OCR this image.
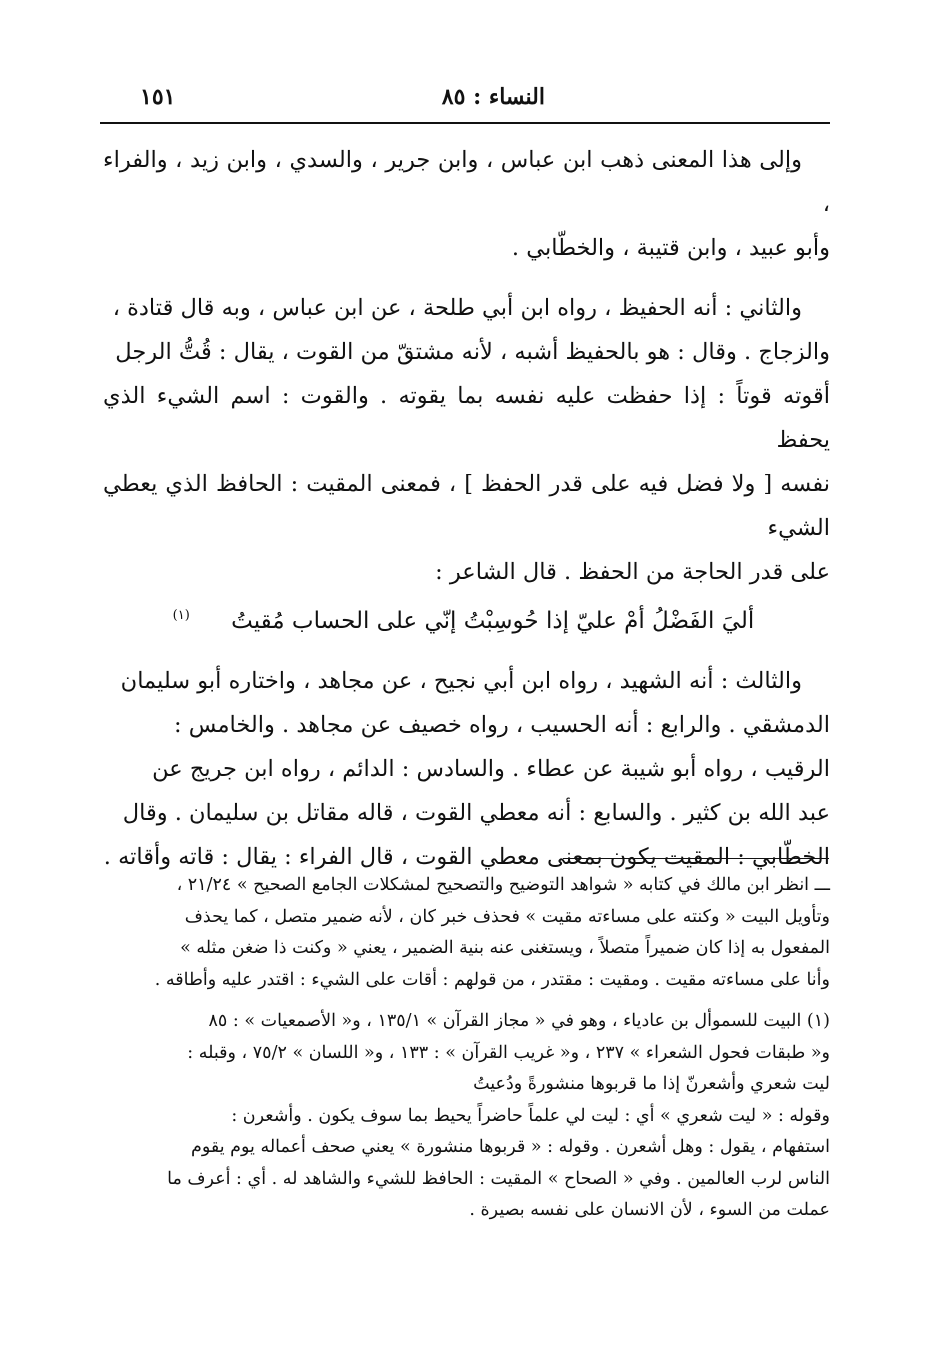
النساء : ٨٥
١٥١

وإلى هذا المعنى ذهب ابن عباس ، وابن جرير ، والسدي ، وابن زيد ، والفراء ،

وأبو عبيد ، وابن قتيبة ، والخطّابي .

والثاني : أنه الحفيظ ، رواه ابن أبي طلحة ، عن ابن عباس ، وبه قال قتادة ،

والزجاج . وقال : هو بالحفيظ أشبه ، لأنه مشتقّ من القوت ، يقال : قُتُّ الرجل

أقوته قوتاً : إذا حفظت عليه نفسه بما يقوته . والقوت : اسم الشيء الذي يحفظ

نفسه [ ولا فضل فيه على قدر الحفظ ] ، فمعنى المقيت : الحافظ الذي يعطي الشيء

على قدر الحاجة من الحفظ . قال الشاعر :

أليَ الفَضْلُ أمْ عليّ إذا حُوسِبْتُ إنّي على الحساب مُقيتُ $^{(١)}$

والثالث : أنه الشهيد ، رواه ابن أبي نجيح ، عن مجاهد ، واختاره أبو سليمان

الدمشقي . والرابع : أنه الحسيب ، رواه خصيف عن مجاهد . والخامس :

الرقيب ، رواه أبو شيبة عن عطاء . والسادس : الدائم ، رواه ابن جريج عن

عبد الله بن كثير . والسابع : أنه معطي القوت ، قاله مقاتل بن سليمان . وقال

الخطّابي : المقيت يكون بمعنى معطي القوت ، قال الفراء : يقال : قاته وأقاته .

ـــ انظر ابن مالك في كتابه « شواهد التوضيح والتصحيح لمشكلات الجامع الصحيح » ٢١/٢٤ ،

وتأويل البيت « وكنته على مساءته مقيت » فحذف خبر كان ، لأنه ضمير متصل ، كما يحذف

المفعول به إذا كان ضميراً متصلاً ، ويستغنى عنه بنية الضمير ، يعني « وكنت ذا ضغن مثله »

وأنا على مساءته مقيت . ومقيت : مقتدر ، من قولهم : أقات على الشيء : اقتدر عليه وأطاقه .

(١) البيت للسموأل بن عادياء ، وهو في « مجاز القرآن » ١٣٥/١ ، و« الأصمعيات » : ٨٥

و« طبقات فحول الشعراء » ٢٣٧ ، و« غريب القرآن » : ١٣٣ ، و« اللسان » ٧٥/٢ ، وقبله :

ليت شعري وأشعرنّ إذا ما قربوها منشورةً ودُعيتُ

وقوله : « ليت شعري » أي : ليت لي علماً حاضراً يحيط بما سوف يكون . وأشعرن :

استفهام ، يقول : وهل أشعرن . وقوله : « قربوها منشورة » يعني صحف أعماله يوم يقوم

الناس لرب العالمين . وفي « الصحاح » المقيت : الحافظ للشيء والشاهد له . أي : أعرف ما

عملت من السوء ، لأن الانسان على نفسه بصيرة .
